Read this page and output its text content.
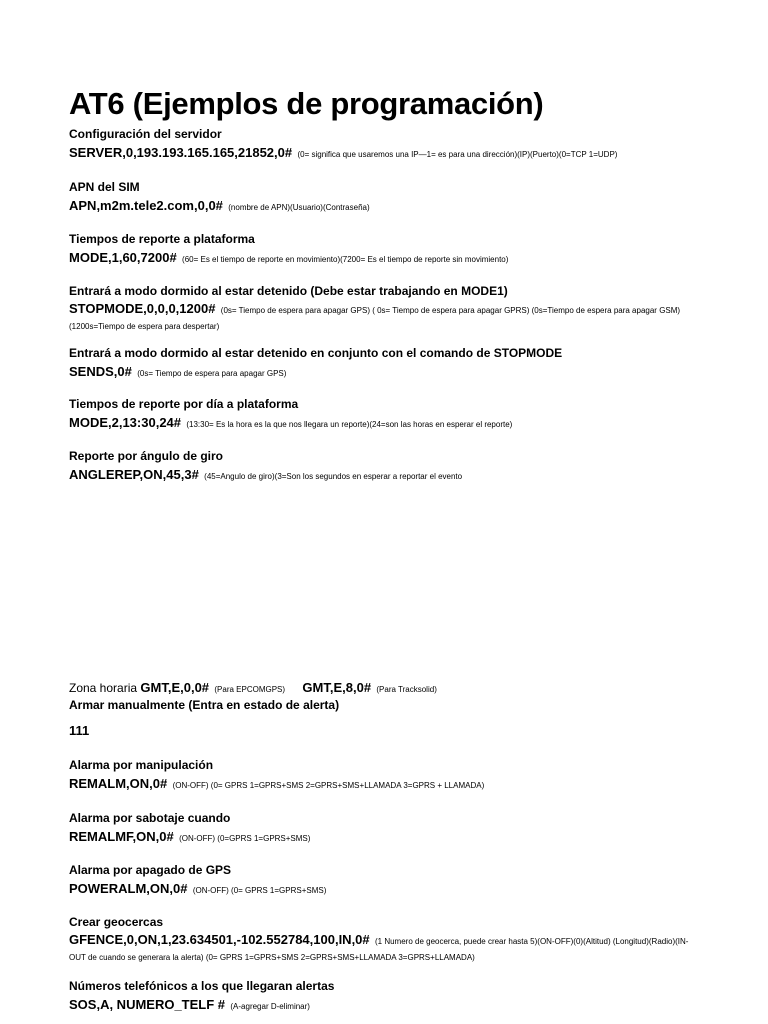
AT6 (Ejemplos de programación)
Configuración del servidor
SERVER,0,193.193.165.165,21852,0# (0= significa que usaremos una IP—1= es para una dirección)(IP)(Puerto)(0=TCP 1=UDP)
APN del SIM
APN,m2m.tele2.com,0,0# (nombre de APN)(Usuario)(Contraseña)
Tiempos de reporte a plataforma
MODE,1,60,7200# (60= Es el tiempo de reporte en movimiento)(7200= Es el tiempo de reporte sin movimiento)
Entrará a modo dormido al estar detenido (Debe estar trabajando en MODE1)
STOPMODE,0,0,0,1200# (0s= Tiempo de espera para apagar GPS) ( 0s= Tiempo de espera para apagar GPRS) (0s=Tiempo de espera para apagar GSM)(1200s=Tiempo de espera para despertar)
Entrará a modo dormido al estar detenido en conjunto con el comando de STOPMODE
SENDS,0# (0s= Tiempo de espera para apagar GPS)
Tiempos de reporte por día a plataforma
MODE,2,13:30,24# (13:30= Es la hora es la que nos llegara un reporte)(24=son las horas en esperar el reporte)
Reporte por ángulo de giro
ANGLEREP,ON,45,3# (45=Angulo de giro)(3=Son los segundos en esperar a reportar el evento
Zona horaria GMT,E,0,0# (Para EPCOMGPS) GMT,E,8,0# (Para Tracksolid)
Armar manualmente (Entra en estado de alerta)
111
Alarma por manipulación
REMALM,ON,0# (ON-OFF) (0= GPRS 1=GPRS+SMS 2=GPRS+SMS+LLAMADA 3=GPRS + LLAMADA)
Alarma por sabotaje cuando
REMALMF,ON,0# (ON-OFF) (0=GPRS 1=GPRS+SMS)
Alarma por apagado de GPS
POWERALM,ON,0# (ON-OFF) (0= GPRS 1=GPRS+SMS)
Crear geocercas
GFENCE,0,ON,1,23.634501,-102.552784,100,IN,0# (1 Numero de geocerca, puede crear hasta 5)(ON-OFF)(0)(Altitud) (Longitud)(Radio)(IN-OUT de cuando se generara la alerta) (0= GPRS 1=GPRS+SMS 2=GPRS+SMS+LLAMADA 3=GPRS+LLAMADA)
Números telefónicos a los que llegaran alertas
SOS,A, NUMERO_TELF # (A-agregar D-eliminar)
